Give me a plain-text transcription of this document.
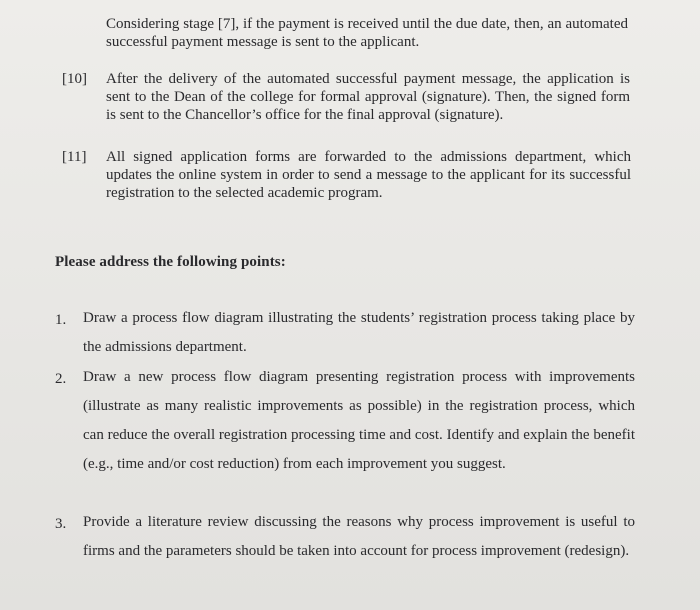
Considering stage [7], if the payment is received until the due date, then, an automated successful payment message is sent to the applicant.
[10] After the delivery of the automated successful payment message, the application is sent to the Dean of the college for formal approval (signature). Then, the signed form is sent to the Chancellor’s office for the final approval (signature).
[11] All signed application forms are forwarded to the admissions department, which updates the online system in order to send a message to the applicant for its successful registration to the selected academic program.
Please address the following points:
1. Draw a process flow diagram illustrating the students’ registration process taking place by the admissions department.
2. Draw a new process flow diagram presenting registration process with improvements (illustrate as many realistic improvements as possible) in the registration process, which can reduce the overall registration processing time and cost. Identify and explain the benefit (e.g., time and/or cost reduction) from each improvement you suggest.
3. Provide a literature review discussing the reasons why process improvement is useful to firms and the parameters should be taken into account for process improvement (redesign).
